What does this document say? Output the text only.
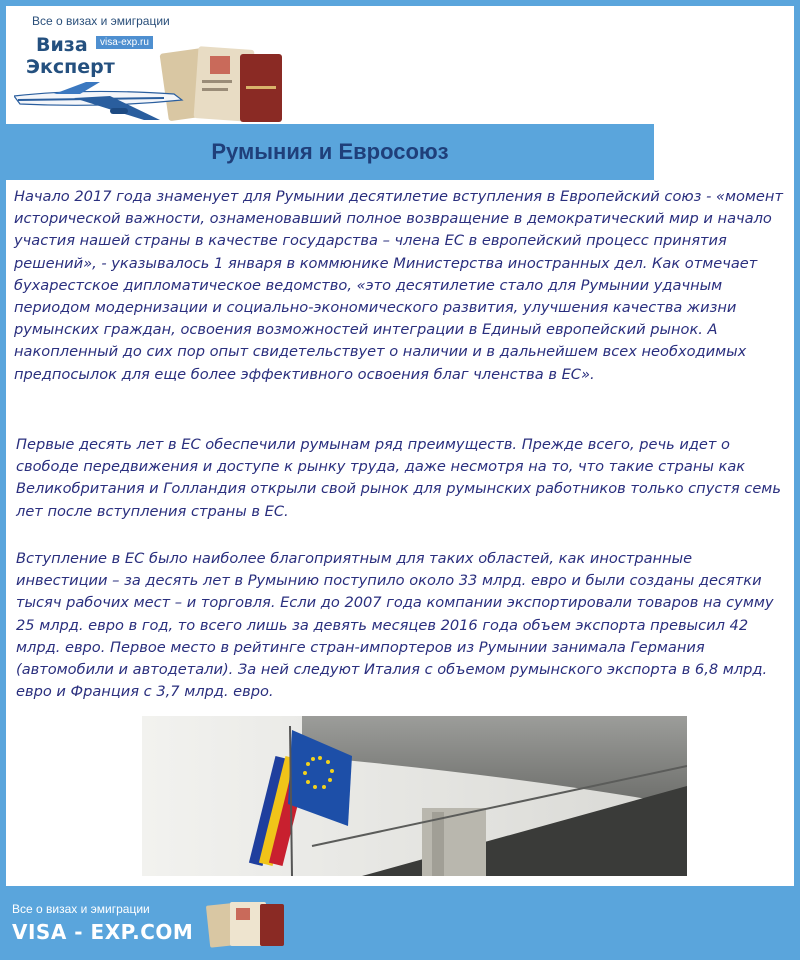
Все о визах и эмиграции
Виза
Эксперт
visa-exp.ru
Румыния и Евросоюз

Начало 2017 года знаменует для Румынии десятилетие вступления в Европейский союз - «момент исторической важности, ознаменовавший полное возвращение в демократический мир и начало участия нашей страны в качестве государства – члена ЕС в европейский процесс принятия решений», - указывалось 1 января в коммюнике Министерства иностранных дел. Как отмечает бухарестское дипломатическое ведомство, «это десятилетие стало для Румынии удачным периодом модернизации и социально-экономического развития, улучшения качества жизни румынских граждан, освоения возможностей интеграции в Единый европейский рынок. А накопленный до сих пор опыт свидетельствует о наличии и в дальнейшем всех необходимых предпосылок для еще более эффективного освоения благ членства в ЕС».

Первые десять лет в ЕС обеспечили румынам ряд преимуществ. Прежде всего, речь идет о свободе передвижения и доступе к рынку труда, даже несмотря на то, что такие страны как Великобритания и Голландия открыли свой рынок для румынских работников только спустя семь лет после вступления страны в ЕС.

Вступление в ЕС было наиболее благоприятным для таких областей, как иностранные инвестиции – за десять лет в Румынию поступило около 33 млрд. евро и были созданы десятки тысяч рабочих мест – и торговля. Если до 2007 года компании экспортировали товаров на сумму 25 млрд. евро в год, то всего лишь за девять месяцев 2016 года объем экспорта превысил 42 млрд. евро. Первое место в рейтинге стран-импортеров из Румынии занимала Германия (автомобили и автодетали). За ней следуют Италия с объемом румынского экспорта в 6,8 млрд. евро и Франция с 3,7 млрд. евро.

Все о визах и эмиграции
VISA - EXP.COM
